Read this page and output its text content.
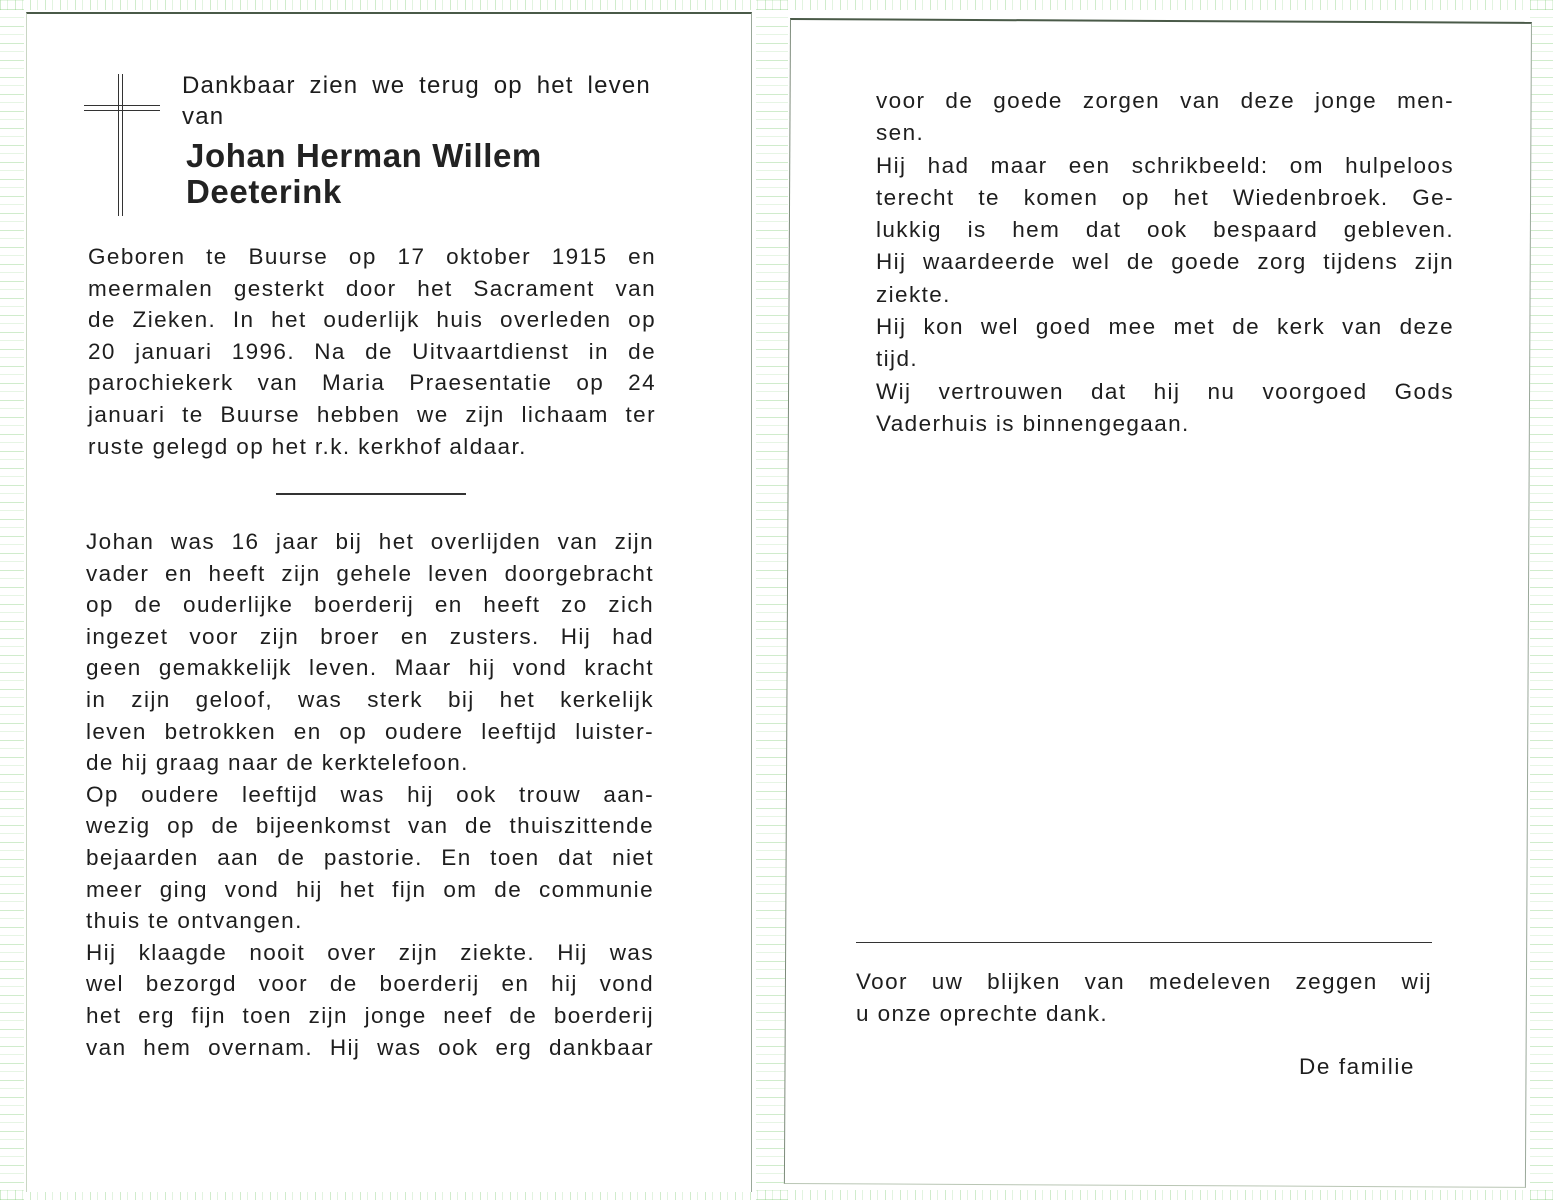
Dankbaar zien we terug op het leven
van
Johan Herman Willem
Deeterink
Geboren te Buurse op 17 oktober 1915 en
meermalen gesterkt door het Sacrament van
de Zieken. In het ouderlijk huis overleden op
20 januari 1996. Na de Uitvaartdienst in de
parochiekerk van Maria Praesentatie op 24
januari te Buurse hebben we zijn lichaam ter
ruste gelegd op het r.k. kerkhof aldaar.
Johan was 16 jaar bij het overlijden van zijn
vader en heeft zijn gehele leven doorgebracht
op de ouderlijke boerderij en heeft zo zich
ingezet voor zijn broer en zusters. Hij had
geen gemakkelijk leven. Maar hij vond kracht
in zijn geloof, was sterk bij het kerkelijk
leven betrokken en op oudere leeftijd luister-
de hij graag naar de kerktelefoon.
Op oudere leeftijd was hij ook trouw aan-
wezig op de bijeenkomst van de thuiszittende
bejaarden aan de pastorie. En toen dat niet
meer ging vond hij het fijn om de communie
thuis te ontvangen.
Hij klaagde nooit over zijn ziekte. Hij was
wel bezorgd voor de boerderij en hij vond
het erg fijn toen zijn jonge neef de boerderij
van hem overnam. Hij was ook erg dankbaar
voor de goede zorgen van deze jonge men-
sen.
Hij had maar een schrikbeeld: om hulpeloos
terecht te komen op het Wiedenbroek. Ge-
lukkig is hem dat ook bespaard gebleven.
Hij waardeerde wel de goede zorg tijdens zijn
ziekte.
Hij kon wel goed mee met de kerk van deze
tijd.
Wij vertrouwen dat hij nu voorgoed Gods
Vaderhuis is binnengegaan.
Voor uw blijken van medeleven zeggen wij
u onze oprechte dank.
De familie
